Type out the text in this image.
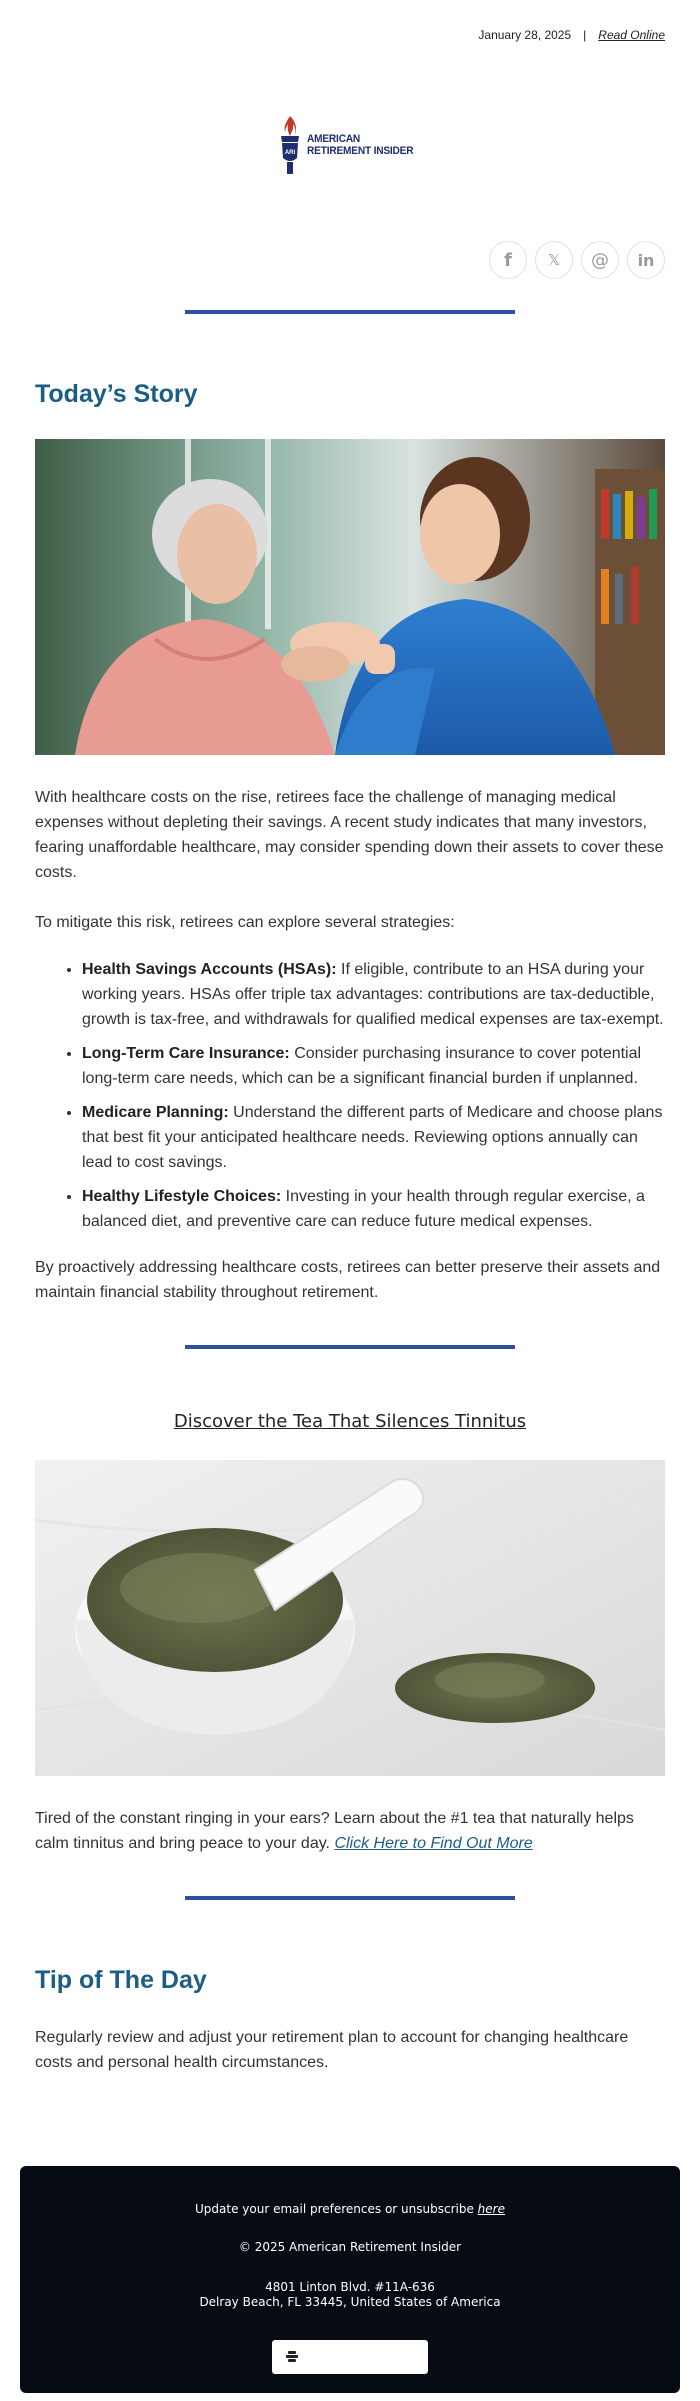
January 28, 2025 | Read Online
ARI
AMERICAN
RETIREMENT INSIDER
f	𝕏	@	in
Today’s Story

With healthcare costs on the rise, retirees face the challenge of managing medical expenses without depleting their savings. A recent study indicates that many investors, fearing unaffordable healthcare, may consider spending down their assets to cover these costs.

To mitigate this risk, retirees can explore several strategies:

• Health Savings Accounts (HSAs): If eligible, contribute to an HSA during your working years. HSAs offer triple tax advantages: contributions are tax-deductible, growth is tax-free, and withdrawals for qualified medical expenses are tax-exempt.
• Long-Term Care Insurance: Consider purchasing insurance to cover potential long-term care needs, which can be a significant financial burden if unplanned.
• Medicare Planning: Understand the different parts of Medicare and choose plans that best fit your anticipated healthcare needs. Reviewing options annually can lead to cost savings.
• Healthy Lifestyle Choices: Investing in your health through regular exercise, a balanced diet, and preventive care can reduce future medical expenses.

By proactively addressing healthcare costs, retirees can better preserve their assets and maintain financial stability throughout retirement.

Discover the Tea That Silences Tinnitus

Tired of the constant ringing in your ears? Learn about the #1 tea that naturally helps calm tinnitus and bring peace to your day. Click Here to Find Out More

Tip of The Day

Regularly review and adjust your retirement plan to account for changing healthcare costs and personal health circumstances.

Update your email preferences or unsubscribe here
© 2025 American Retirement Insider
4801 Linton Blvd. #11A-636
Delray Beach, FL 33445, United States of America
Powered by beehiiv
